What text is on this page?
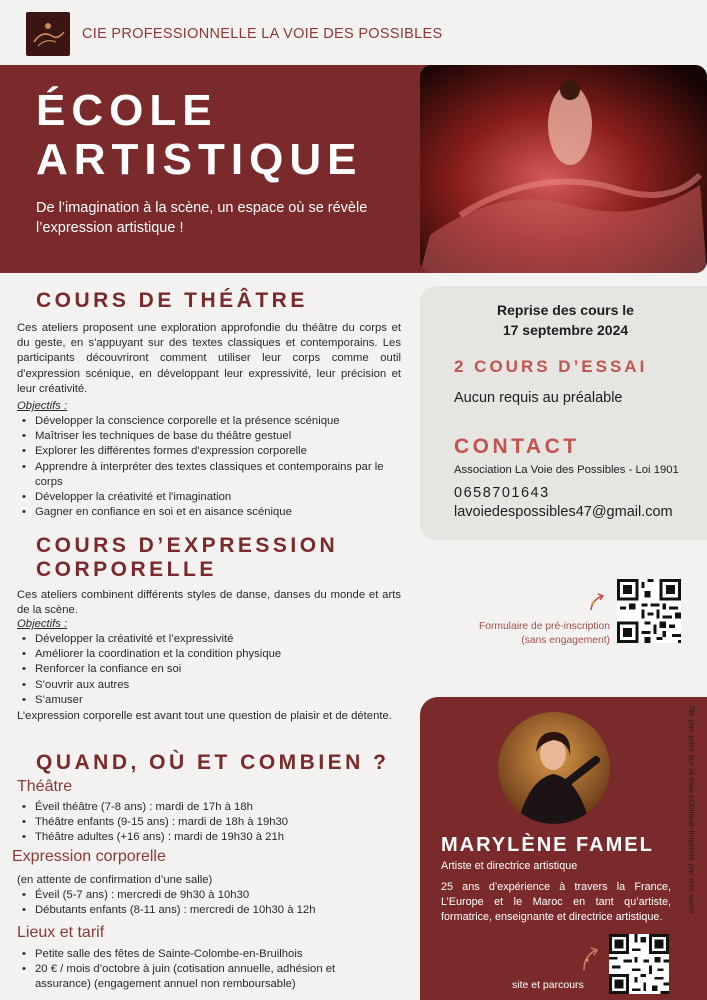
CIE PROFESSIONNELLE LA VOIE DES POSSIBLES
ÉCOLE
ARTISTIQUE
De l’imagination à la scène, un espace où se révèle l’expression artistique !
COURS DE THÉÂTRE
Ces ateliers proposent une exploration approfondie du théâtre du corps et du geste, en s'appuyant sur des textes classiques et contemporains. Les participants découvriront comment utiliser leur corps comme outil d'expression scénique, en développant leur expressivité, leur précision et leur créativité.
Objectifs :
• Développer la conscience corporelle et la présence scénique
• Maîtriser les techniques de base du théâtre gestuel
• Explorer les différentes formes d'expression corporelle
• Apprendre à interpréter des textes classiques et contemporains par le corps
• Développer la créativité et l'imagination
• Gagner en confiance en soi et en aisance scénique
COURS D’EXPRESSION
CORPORELLE
Ces ateliers combinent différents styles de danse, danses du monde et arts de la scène.
Objectifs :
• Développer la créativité et l’expressivité
• Améliorer la coordination et la condition physique
• Renforcer la confiance en soi
• S’ouvrir aux autres
• S’amuser
L’expression corporelle est avant tout une question de plaisir et de détente.
QUAND, OÙ ET COMBIEN ?
Théâtre
• Éveil théâtre (7-8 ans) : mardi de 17h à 18h
• Théâtre enfants (9-15 ans) : mardi de 18h à 19h30
• Théâtre adultes (+16 ans) : mardi de 19h30 à 21h
Expression corporelle
(en attente de confirmation d’une salle)
• Éveil (5-7 ans) : mercredi de 9h30 à 10h30
• Débutants enfants (8-11 ans) : mercredi de 10h30 à 12h
Lieux et tarif
• Petite salle des fêtes de Sainte-Colombe-en-Bruilhois
• 20 € / mois d’octobre à juin (cotisation annuelle, adhésion et assurance) (engagement annuel non remboursable)
Reprise des cours le
17 septembre 2024
2 COURS D’ESSAI
Aucun requis au préalable
CONTACT
Association La Voie des Possibles - Loi 1901
0658701643
lavoiedespossibles47@gmail.com
Formulaire de pré-inscription
(sans engagement)
MARYLÈNE FAMEL
Artiste et directrice artistique
25 ans d’expérience à travers la France, L’Europe et le Maroc en tant qu’artiste, formatrice, enseignante et directrice artistique.
site et parcours
Ne pas jeter sur la voie publique-Imprimé par nos soins
